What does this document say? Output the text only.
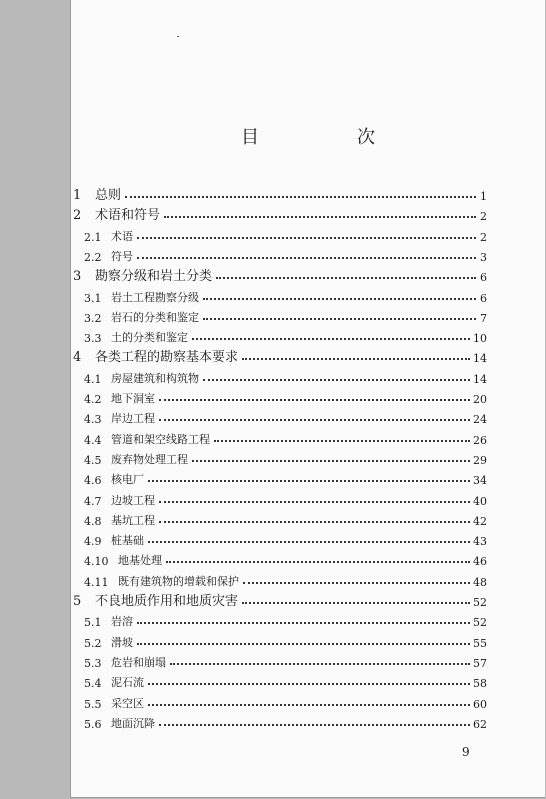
目　次
1	总则	1
2	术语和符号	2
2.1 术语	2
2.2 符号	3
3	勘察分级和岩土分类	6
3.1 岩土工程勘察分级	6
3.2 岩石的分类和鉴定	7
3.3 土的分类和鉴定	10
4	各类工程的勘察基本要求	14
4.1 房屋建筑和构筑物	14
4.2 地下洞室	20
4.3 岸边工程	24
4.4 管道和架空线路工程	26
4.5 废弃物处理工程	29
4.6 核电厂	34
4.7 边坡工程	40
4.8 基坑工程	42
4.9 桩基础	43
4.10 地基处理	46
4.11 既有建筑物的增载和保护	48
5	不良地质作用和地质灾害	52
5.1 岩溶	52
5.2 滑坡	55
5.3 危岩和崩塌	57
5.4 泥石流	58
5.5 采空区	60
5.6 地面沉降	62
9
